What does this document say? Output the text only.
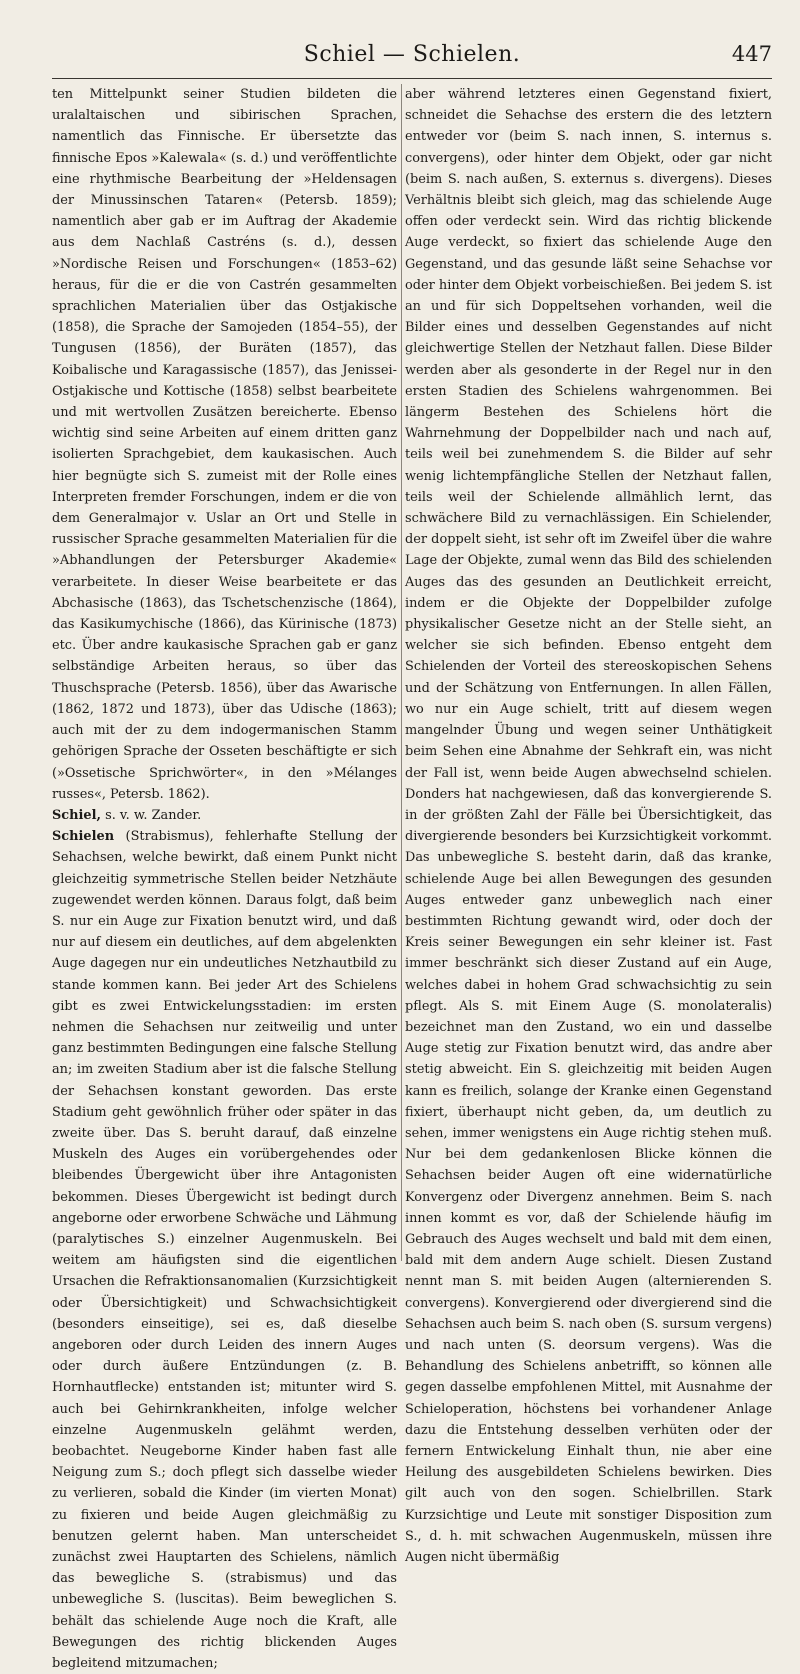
Schiel — Schielen.	447

ten Mittelpunkt seiner Studien bildeten die uralaltaischen und sibirischen Sprachen, namentlich das Finnische. Er übersetzte das finnische Epos »Kalewala« (s. d.) und veröffentlichte eine rhythmische Bearbeitung der »Heldensagen der Minussinschen Tataren« (Petersb. 1859); namentlich aber gab er im Auftrag der Akademie aus dem Nachlaß Castréns (s. d.), dessen »Nordische Reisen und Forschungen« (1853–62) heraus, für die er die von Castrén gesammelten sprachlichen Materialien über das Ostjakische (1858), die Sprache der Samojeden (1854–55), der Tungusen (1856), der Buräten (1857), das Koibalische und Karagassische (1857), das Jenissei-Ostjakische und Kottische (1858) selbst bearbeitete und mit wertvollen Zusätzen bereicherte. Ebenso wichtig sind seine Arbeiten auf einem dritten ganz isolierten Sprachgebiet, dem kaukasischen. Auch hier begnügte sich S. zumeist mit der Rolle eines Interpreten fremder Forschungen, indem er die von dem Generalmajor v. Uslar an Ort und Stelle in russischer Sprache gesammelten Materialien für die »Abhandlungen der Petersburger Akademie« verarbeitete. In dieser Weise bearbeitete er das Abchasische (1863), das Tschetschenzische (1864), das Kasikumychische (1866), das Kürinische (1873) etc. Über andre kaukasische Sprachen gab er ganz selbständige Arbeiten heraus, so über das Thuschsprache (Petersb. 1856), über das Awarische (1862, 1872 und 1873), über das Udische (1863); auch mit der zu dem indogermanischen Stamm gehörigen Sprache der Osseten beschäftigte er sich (»Ossetische Sprichwörter«, in den »Mélanges russes«, Petersb. 1862).

Schiel, s. v. w. Zander.

Schielen (Strabismus), fehlerhafte Stellung der Sehachsen, welche bewirkt, daß einem Punkt nicht gleichzeitig symmetrische Stellen beider Netzhäute zugewendet werden können. Daraus folgt, daß beim S. nur ein Auge zur Fixation benutzt wird, und daß nur auf diesem ein deutliches, auf dem abgelenkten Auge dagegen nur ein undeutliches Netzhautbild zu stande kommen kann. Bei jeder Art des Schielens gibt es zwei Entwickelungsstadien: im ersten nehmen die Sehachsen nur zeitweilig und unter ganz bestimmten Bedingungen eine falsche Stellung an; im zweiten Stadium aber ist die falsche Stellung der Sehachsen konstant geworden. Das erste Stadium geht gewöhnlich früher oder später in das zweite über. Das S. beruht darauf, daß einzelne Muskeln des Auges ein vorübergehendes oder bleibendes Übergewicht über ihre Antagonisten bekommen. Dieses Übergewicht ist bedingt durch angeborne oder erworbene Schwäche und Lähmung (paralytisches S.) einzelner Augenmuskeln. Bei weitem am häufigsten sind die eigentlichen Ursachen die Refraktionsanomalien (Kurzsichtigkeit oder Übersichtigkeit) und Schwachsichtigkeit (besonders einseitige), sei es, daß dieselbe angeboren oder durch Leiden des innern Auges oder durch äußere Entzündungen (z. B. Hornhautflecke) entstanden ist; mitunter wird S. auch bei Gehirnkrankheiten, infolge welcher einzelne Augenmuskeln gelähmt werden, beobachtet. Neugeborne Kinder haben fast alle Neigung zum S.; doch pflegt sich dasselbe wieder zu verlieren, sobald die Kinder (im vierten Monat) zu fixieren und beide Augen gleichmäßig zu benutzen gelernt haben. Man unterscheidet zunächst zwei Hauptarten des Schielens, nämlich das bewegliche S. (strabismus) und das unbewegliche S. (luscitas). Beim beweglichen S. behält das schielende Auge noch die Kraft, alle Bewegungen des richtig blickenden Auges begleitend mitzumachen;

aber während letzteres einen Gegenstand fixiert, schneidet die Sehachse des erstern die des letztern entweder vor (beim S. nach innen, S. internus s. convergens), oder hinter dem Objekt, oder gar nicht (beim S. nach außen, S. externus s. divergens). Dieses Verhältnis bleibt sich gleich, mag das schielende Auge offen oder verdeckt sein. Wird das richtig blickende Auge verdeckt, so fixiert das schielende Auge den Gegenstand, und das gesunde läßt seine Sehachse vor oder hinter dem Objekt vorbeischießen. Bei jedem S. ist an und für sich Doppeltsehen vorhanden, weil die Bilder eines und desselben Gegenstandes auf nicht gleichwertige Stellen der Netzhaut fallen. Diese Bilder werden aber als gesonderte in der Regel nur in den ersten Stadien des Schielens wahrgenommen. Bei längerm Bestehen des Schielens hört die Wahrnehmung der Doppelbilder nach und nach auf, teils weil bei zunehmendem S. die Bilder auf sehr wenig lichtempfängliche Stellen der Netzhaut fallen, teils weil der Schielende allmählich lernt, das schwächere Bild zu vernachlässigen. Ein Schielender, der doppelt sieht, ist sehr oft im Zweifel über die wahre Lage der Objekte, zumal wenn das Bild des schielenden Auges das des gesunden an Deutlichkeit erreicht, indem er die Objekte der Doppelbilder zufolge physikalischer Gesetze nicht an der Stelle sieht, an welcher sie sich befinden. Ebenso entgeht dem Schielenden der Vorteil des stereoskopischen Sehens und der Schätzung von Entfernungen. In allen Fällen, wo nur ein Auge schielt, tritt auf diesem wegen mangelnder Übung und wegen seiner Unthätigkeit beim Sehen eine Abnahme der Sehkraft ein, was nicht der Fall ist, wenn beide Augen abwechselnd schielen. Donders hat nachgewiesen, daß das konvergierende S. in der größten Zahl der Fälle bei Übersichtigkeit, das divergierende besonders bei Kurzsichtigkeit vorkommt. Das unbewegliche S. besteht darin, daß das kranke, schielende Auge bei allen Bewegungen des gesunden Auges entweder ganz unbeweglich nach einer bestimmten Richtung gewandt wird, oder doch der Kreis seiner Bewegungen ein sehr kleiner ist. Fast immer beschränkt sich dieser Zustand auf ein Auge, welches dabei in hohem Grad schwachsichtig zu sein pflegt. Als S. mit Einem Auge (S. monolateralis) bezeichnet man den Zustand, wo ein und dasselbe Auge stetig zur Fixation benutzt wird, das andre aber stetig abweicht. Ein S. gleichzeitig mit beiden Augen kann es freilich, solange der Kranke einen Gegenstand fixiert, überhaupt nicht geben, da, um deutlich zu sehen, immer wenigstens ein Auge richtig stehen muß. Nur bei dem gedankenlosen Blicke können die Sehachsen beider Augen oft eine widernatürliche Konvergenz oder Divergenz annehmen. Beim S. nach innen kommt es vor, daß der Schielende häufig im Gebrauch des Auges wechselt und bald mit dem einen, bald mit dem andern Auge schielt. Diesen Zustand nennt man S. mit beiden Augen (alternierenden S. convergens). Konvergierend oder divergierend sind die Sehachsen auch beim S. nach oben (S. sursum vergens) und nach unten (S. deorsum vergens). Was die Behandlung des Schielens anbetrifft, so können alle gegen dasselbe empfohlenen Mittel, mit Ausnahme der Schieloperation, höchstens bei vorhandener Anlage dazu die Entstehung desselben verhüten oder der fernern Entwickelung Einhalt thun, nie aber eine Heilung des ausgebildeten Schielens bewirken. Dies gilt auch von den sogen. Schielbrillen. Stark Kurzsichtige und Leute mit sonstiger Disposition zum S., d. h. mit schwachen Augenmuskeln, müssen ihre Augen nicht übermäßig
